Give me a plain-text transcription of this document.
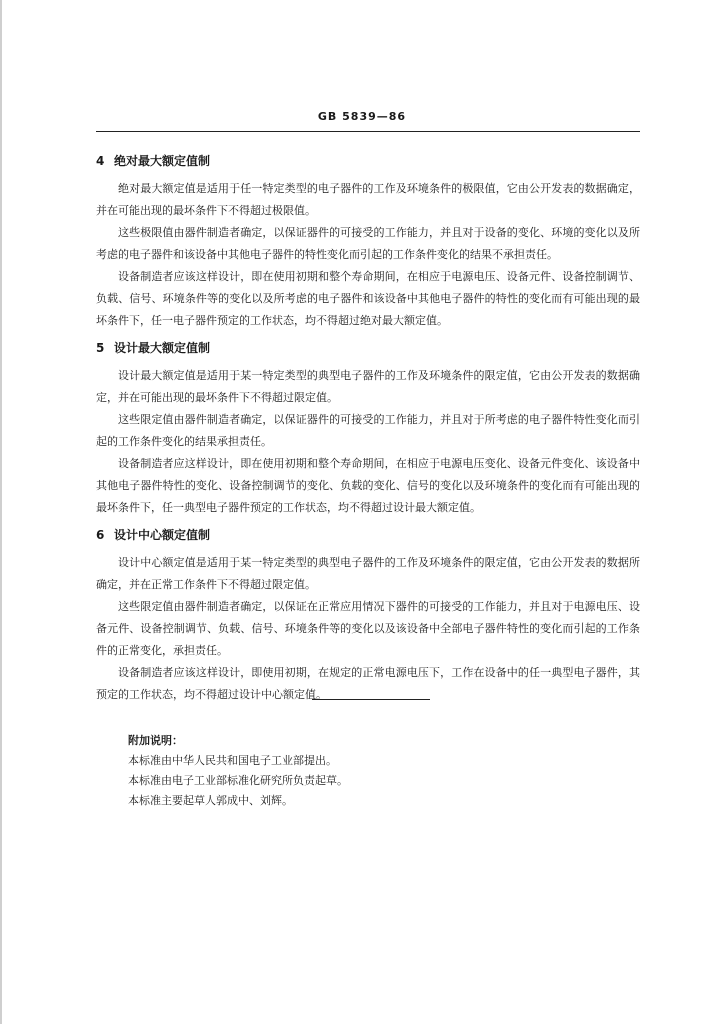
GB 5839—86
4 绝对最大额定值制

绝对最大额定值是适用于任一特定类型的电子器件的工作及环境条件的极限值，它由公开发表的数据确定，并在可能出现的最坏条件下不得超过极限值。

这些极限值由器件制造者确定，以保证器件的可接受的工作能力，并且对于设备的变化、环境的变化以及所考虑的电子器件和该设备中其他电子器件的特性变化而引起的工作条件变化的结果不承担责任。

设备制造者应该这样设计，即在使用初期和整个寿命期间，在相应于电源电压、设备元件、设备控制调节、负载、信号、环境条件等的变化以及所考虑的电子器件和该设备中其他电子器件的特性的变化而有可能出现的最坏条件下，任一电子器件预定的工作状态，均不得超过绝对最大额定值。

5 设计最大额定值制

设计最大额定值是适用于某一特定类型的典型电子器件的工作及环境条件的限定值，它由公开发表的数据确定，并在可能出现的最坏条件下不得超过限定值。

这些限定值由器件制造者确定，以保证器件的可接受的工作能力，并且对于所考虑的电子器件特性变化而引起的工作条件变化的结果承担责任。

设备制造者应这样设计，即在使用初期和整个寿命期间，在相应于电源电压变化、设备元件变化、该设备中其他电子器件特性的变化、设备控制调节的变化、负载的变化、信号的变化以及环境条件的变化而有可能出现的最坏条件下，任一典型电子器件预定的工作状态，均不得超过设计最大额定值。

6 设计中心额定值制

设计中心额定值是适用于某一特定类型的典型电子器件的工作及环境条件的限定值，它由公开发表的数据所确定，并在正常工作条件下不得超过限定值。

这些限定值由器件制造者确定，以保证在正常应用情况下器件的可接受的工作能力，并且对于电源电压、设备元件、设备控制调节、负载、信号、环境条件等的变化以及该设备中全部电子器件特性的变化而引起的工作条件的正常变化，承担责任。

设备制造者应该这样设计，即使用初期，在规定的正常电源电压下，工作在设备中的任一典型电子器件，其预定的工作状态，均不得超过设计中心额定值。

附加说明：
本标准由中华人民共和国电子工业部提出。
本标准由电子工业部标准化研究所负责起草。
本标准主要起草人郭成中、刘辉。
